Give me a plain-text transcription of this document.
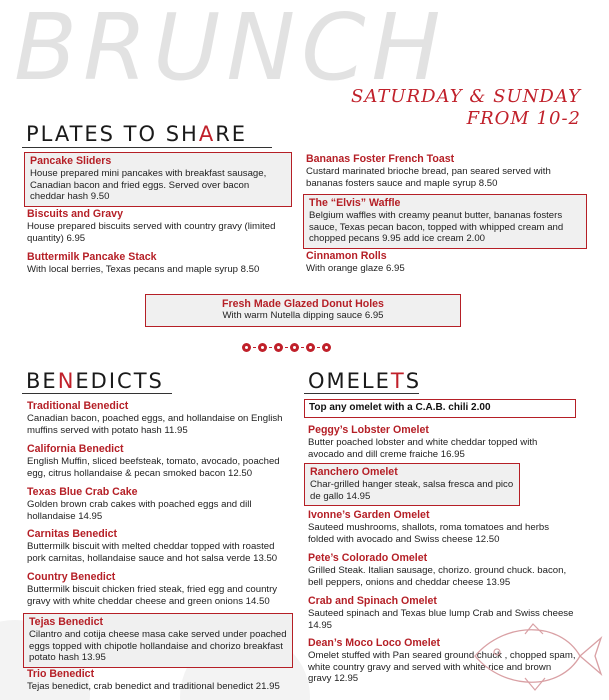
BRUNCH
SATURDAY & SUNDAY
FROM 10-2
PLATES TO SHARE
Pancake Sliders
House prepared mini pancakes with breakfast sausage, Canadian bacon and fried eggs. Served over bacon cheddar hash 9.50
Biscuits and Gravy
House prepared biscuits served with country gravy (limited quantity) 6.95
Buttermilk Pancake Stack
With local berries, Texas pecans and maple syrup 8.50
Bananas Foster French Toast
Custard marinated brioche bread, pan seared served with bananas fosters sauce and maple syrup 8.50
The “Elvis” Waffle
Belgium waffles with creamy peanut butter, bananas fosters sauce, Texas pecan bacon, topped with whipped cream and chopped pecans 9.95 add ice cream 2.00
Cinnamon Rolls
With orange glaze 6.95
Fresh Made Glazed Donut Holes
With warm Nutella dipping sauce 6.95
BENEDICTS	OMELETS
Traditional Benedict
Canadian bacon, poached eggs, and hollandaise on English muffins served with potato hash 11.95
California Benedict
English Muffin, sliced beefsteak, tomato, avocado, poached egg, citrus hollandaise & pecan smoked bacon 12.50
Texas Blue Crab Cake
Golden brown crab cakes with poached eggs and dill hollandaise 14.95
Carnitas Benedict
Buttermilk biscuit with melted cheddar topped with roasted pork carnitas, hollandaise sauce and hot salsa verde 13.50
Country Benedict
Buttermilk biscuit chicken fried steak, fried egg and country gravy with white cheddar cheese and green onions 14.50
Tejas Benedict
Cilantro and cotija cheese masa cake served under poached eggs topped with chipotle hollandaise and chorizo breakfast potato hash 13.95
Trio Benedict
Tejas benedict, crab benedict and traditional benedict 21.95
Top any omelet with a C.A.B. chili 2.00
Peggy’s Lobster Omelet
Butter poached lobster and white cheddar topped with avocado and dill creme fraiche 16.95
Ranchero Omelet
Char-grilled hanger steak, salsa fresca and pico de gallo 14.95
Ivonne’s Garden Omelet
Sauteed mushrooms, shallots, roma tomatoes and herbs folded with avocado and Swiss cheese 12.50
Pete’s Colorado Omelet
Grilled Steak. Italian sausage, chorizo. ground chuck. bacon, bell peppers, onions and cheddar cheese 13.95
Crab and Spinach Omelet
Sauteed spinach and Texas blue lump Crab and Swiss cheese 14.95
Dean’s Moco Loco Omelet
Omelet stuffed with Pan seared ground chuck , chopped spam, white country gravy and served with white rice and brown gravy 12.95
